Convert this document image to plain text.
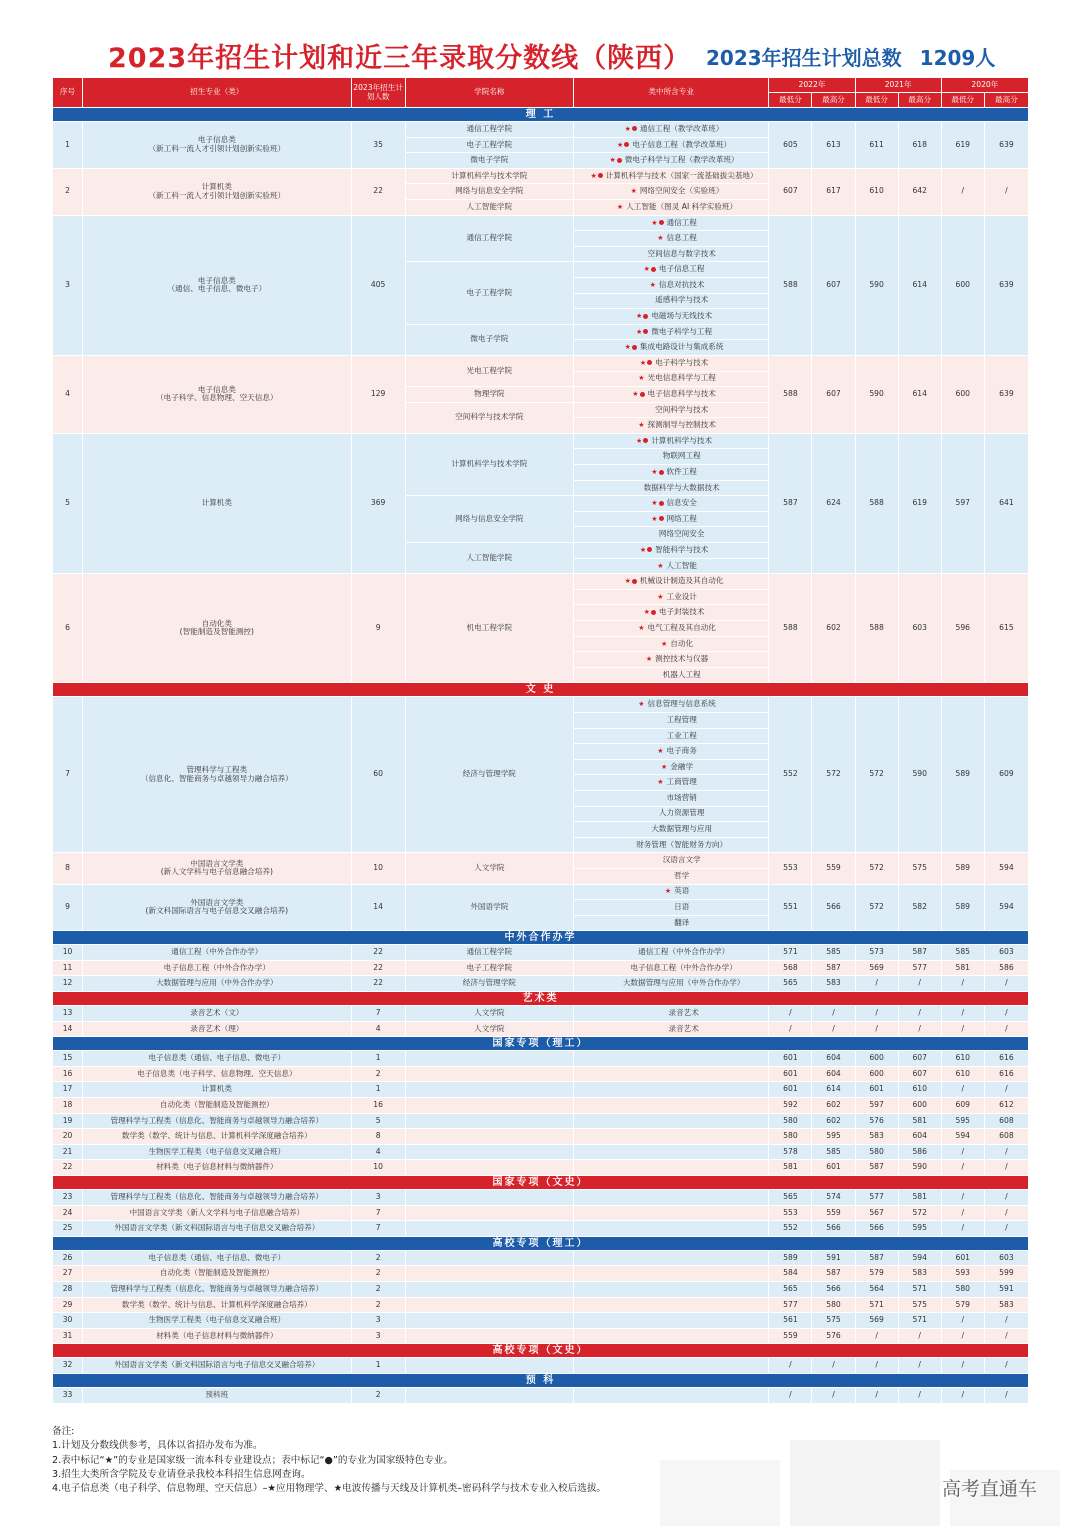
2023年招生计划和近三年录取分数线（陕西） 2023年招生计划总数 1209人
序号	招生专业（类）	2023年招生计划人数	学院名称	类中所含专业	2022年		2021年		2020年	
					最低分	最高分	最低分	最高分	最低分	最高分
理 工										
1	电子信息类
（新工科一流人才引领计划创新实验班）	35	通信工程学院	★ 通信工程（教学改革班）	605	613	611	618	619	639
			电子工程学院	★ 电子信息工程（教学改革班）						
			微电子学院	★ 微电子科学与工程（教学改革班）						
2	计算机类
（新工科一流人才引领计划创新实验班）	22	计算机科学与技术学院	★ 计算机科学与技术（国家一流基础拔尖基地）	607	617	610	642	/	/
			网络与信息安全学院	★ 网络空间安全（实验班）						
			人工智能学院	★ 人工智能（图灵 AI 科学实验班）						
3	电子信息类
（通信、电子信息、微电子）	405	通信工程学院	★ 通信工程	588	607	590	614	600	639
				★ 信息工程						
				空间信息与数字技术						
			电子工程学院	★ 电子信息工程						
				★ 信息对抗技术						
				遥感科学与技术						
				★ 电磁场与无线技术						
			微电子学院	★ 微电子科学与工程						
				★ 集成电路设计与集成系统						
4	电子信息类
（电子科学、信息物理、空天信息）	129	光电工程学院	★ 电子科学与技术	588	607	590	614	600	639
				★ 光电信息科学与工程						
			物理学院	★ 电子信息科学与技术						
			空间科学与技术学院	空间科学与技术						
				★ 探测制导与控制技术						
5	计算机类	369	计算机科学与技术学院	★ 计算机科学与技术	587	624	588	619	597	641
				物联网工程						
				★ 软件工程						
				数据科学与大数据技术						
			网络与信息安全学院	★ 信息安全						
				★ 网络工程						
				网络空间安全						
			人工智能学院	★ 智能科学与技术						
				★ 人工智能						
6	自动化类
(智能制造及智能测控)	9	机电工程学院	★ 机械设计制造及其自动化	588	602	588	603	596	615
				★ 工业设计						
				★ 电子封装技术						
				★ 电气工程及其自动化						
				★ 自动化						
				★ 测控技术与仪器						
				机器人工程						
文 史										
7	管理科学与工程类
（信息化、智能商务与卓越领导力融合培养）	60	经济与管理学院	★ 信息管理与信息系统	552	572	572	590	589	609
				工程管理						
				工业工程						
				★ 电子商务						
				★ 金融学						
				★ 工商管理						
				市场营销						
				人力资源管理						
				大数据管理与应用						
				财务管理（智能财务方向）						
8	中国语言文学类
(新人文学科与电子信息融合培养)	10	人文学院	汉语言文学	553	559	572	575	589	594
				哲学						
9	外国语言文学类
(新文科国际语言与电子信息交叉融合培养)	14	外国语学院	★ 英语	551	566	572	582	589	594
				日语						
				翻译						
中外合作办学										
10	通信工程（中外合作办学）	22	通信工程学院	通信工程（中外合作办学）	571	585	573	587	585	603
11	电子信息工程（中外合作办学）	22	电子工程学院	电子信息工程（中外合作办学）	568	587	569	577	581	586
12	大数据管理与应用（中外合作办学）	22	经济与管理学院	大数据管理与应用（中外合作办学）	565	583	/	/	/	/
艺术类										
13	录音艺术（文）	7	人文学院	录音艺术	/	/	/	/	/	/
14	录音艺术（理）	4	人文学院	录音艺术	/	/	/	/	/	/
国家专项（理工）										
15	电子信息类（通信、电子信息、微电子）	1			601	604	600	607	610	616
16	电子信息类（电子科学、信息物理、空天信息）	2			601	604	600	607	610	616
17	计算机类	1			601	614	601	610	/	/
18	自动化类（智能制造及智能测控）	16			592	602	597	600	609	612
19	管理科学与工程类（信息化、智能商务与卓越领导力融合培养）	5			580	602	576	581	595	608
20	数学类（数学、统计与信息、计算机科学深度融合培养）	8			580	595	583	604	594	608
21	生物医学工程类（电子信息交叉融合班）	4			578	585	580	586	/	/
22	材料类（电子信息材料与微纳器件）	10			581	601	587	590	/	/
国家专项（文史）										
23	管理科学与工程类（信息化、智能商务与卓越领导力融合培养）	3			565	574	577	581	/	/
24	中国语言文学类（新人文学科与电子信息融合培养）	7			553	559	567	572	/	/
25	外国语言文学类（新文科国际语言与电子信息交叉融合培养）	7			552	566	566	595	/	/
高校专项（理工）										
26	电子信息类（通信、电子信息、微电子）	2			589	591	587	594	601	603
27	自动化类（智能制造及智能测控）	2			584	587	579	583	593	599
28	管理科学与工程类（信息化、智能商务与卓越领导力融合培养）	2			565	566	564	571	580	591
29	数学类（数学、统计与信息、计算机科学深度融合培养）	2			577	580	571	575	579	583
30	生物医学工程类（电子信息交叉融合班）	3			561	575	569	571	/	/
31	材料类（电子信息材料与微纳器件）	3			559	576	/	/	/	/
高校专项（文史）										
32	外国语言文学类（新文科国际语言与电子信息交叉融合培养）	1			/	/	/	/	/	/
预 科										
33	预科班	2			/	/	/	/	/	/
备注:
1.计划及分数线供参考，具体以省招办发布为准。
2.表中标记“★”的专业是国家级一流本科专业建设点；表中标记“●”的专业为国家级特色专业。
3.招生大类所含学院及专业请登录我校本科招生信息网查询。
4.电子信息类（电子科学、信息物理、空天信息）–★应用物理学、★电波传播与天线及计算机类–密码科学与技术专业入校后选拔。	高考直通车
